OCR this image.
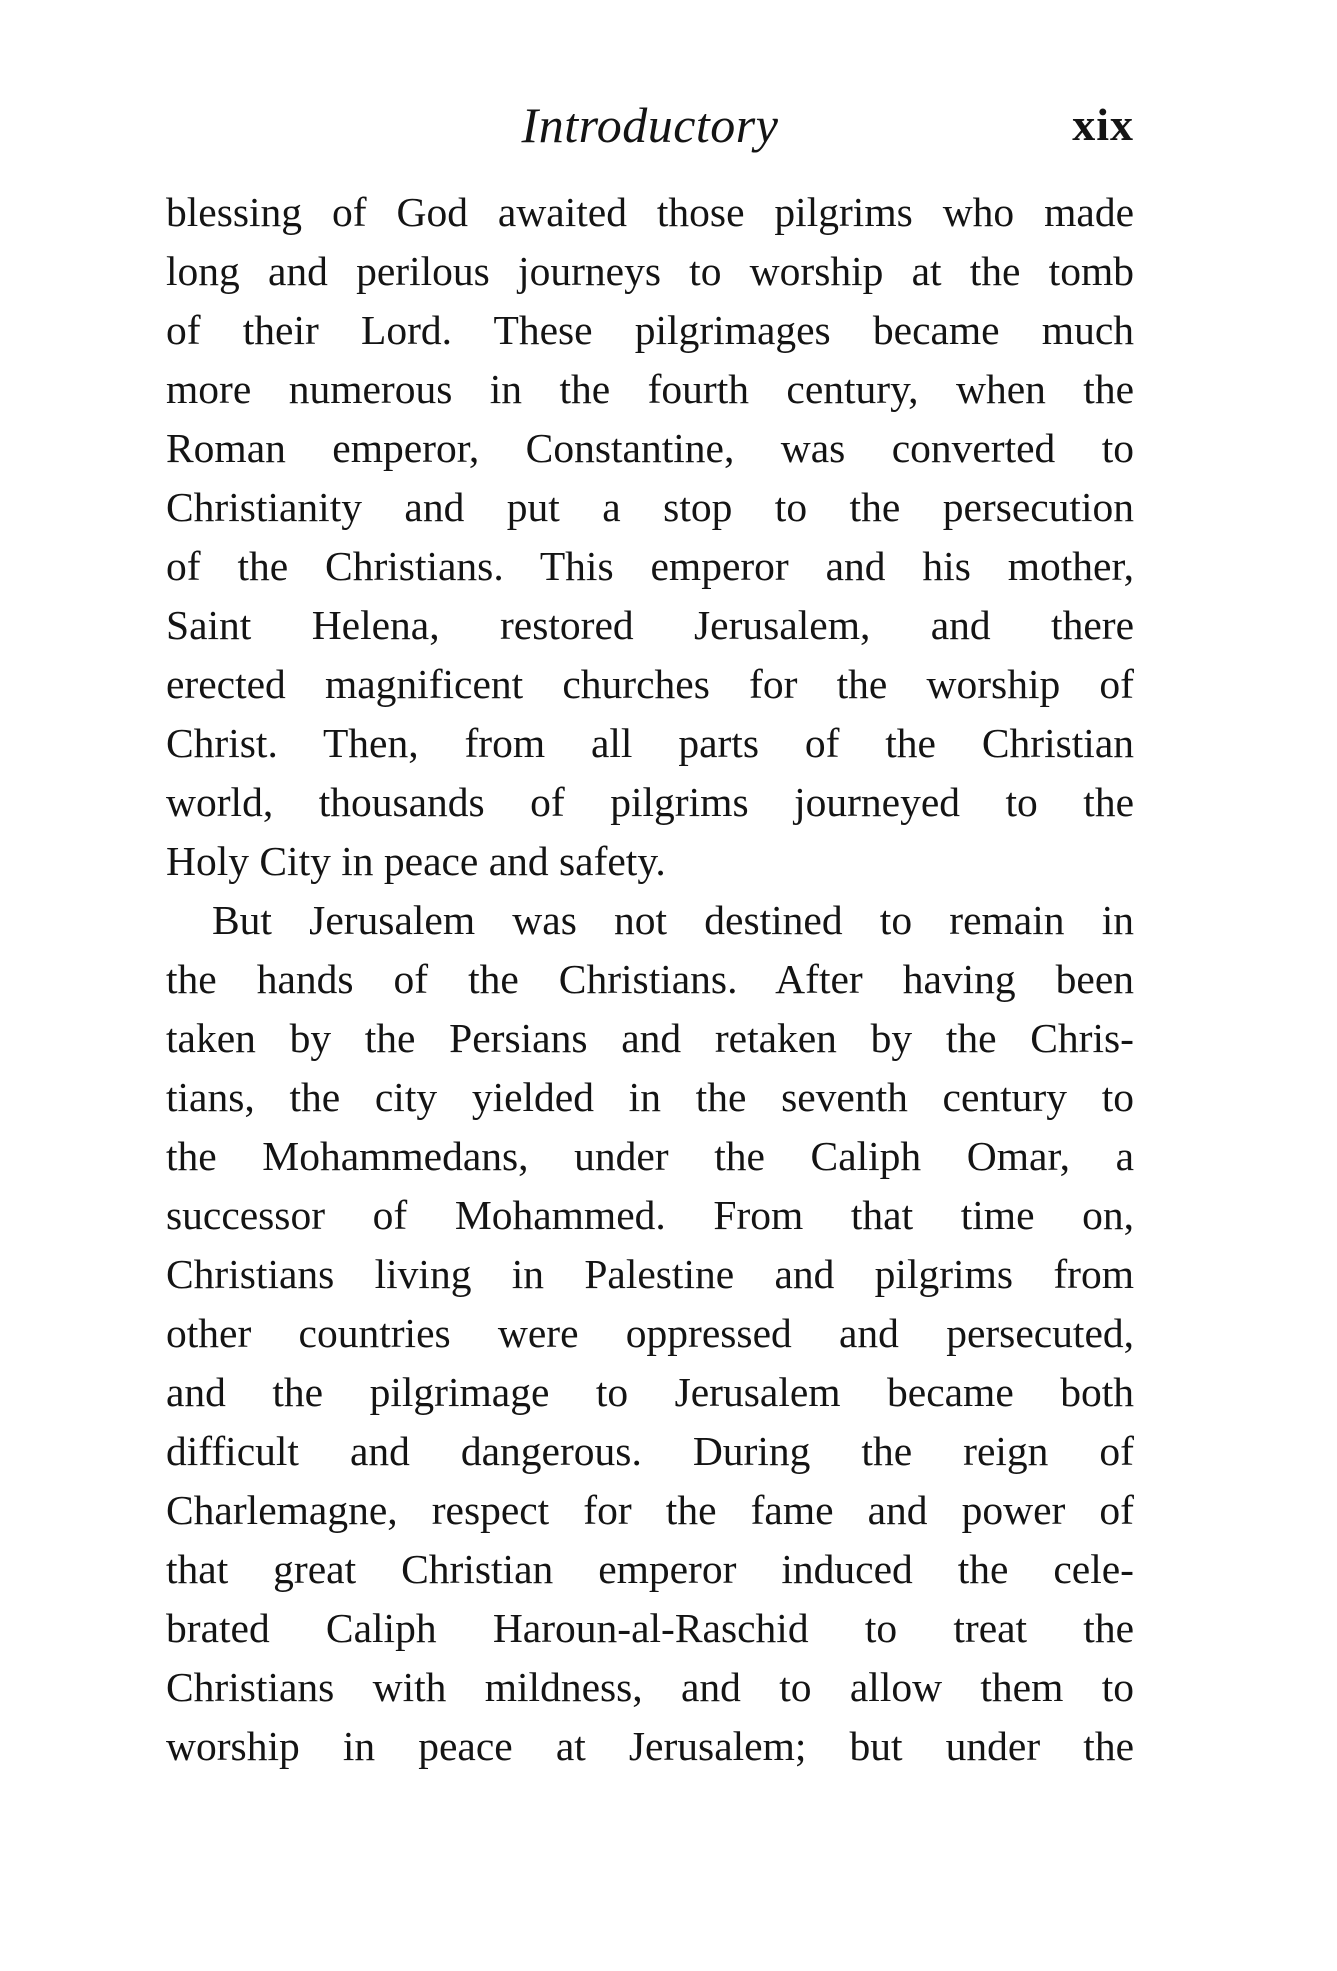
Introductory	xix
blessing of God awaited those pilgrims who made
long and perilous journeys to worship at the tomb
of their Lord. These pilgrimages became much
more numerous in the fourth century, when the
Roman emperor, Constantine, was converted to
Christianity and put a stop to the persecution
of the Christians. This emperor and his mother,
Saint Helena, restored Jerusalem, and there
erected magnificent churches for the worship of
Christ. Then, from all parts of the Christian
world, thousands of pilgrims journeyed to the
Holy City in peace and safety.
But Jerusalem was not destined to remain in
the hands of the Christians. After having been
taken by the Persians and retaken by the Chris-
tians, the city yielded in the seventh century to
the Mohammedans, under the Caliph Omar, a
successor of Mohammed. From that time on,
Christians living in Palestine and pilgrims from
other countries were oppressed and persecuted,
and the pilgrimage to Jerusalem became both
difficult and dangerous. During the reign of
Charlemagne, respect for the fame and power of
that great Christian emperor induced the cele-
brated Caliph Haroun-al-Raschid to treat the
Christians with mildness, and to allow them to
worship in peace at Jerusalem; but under the
